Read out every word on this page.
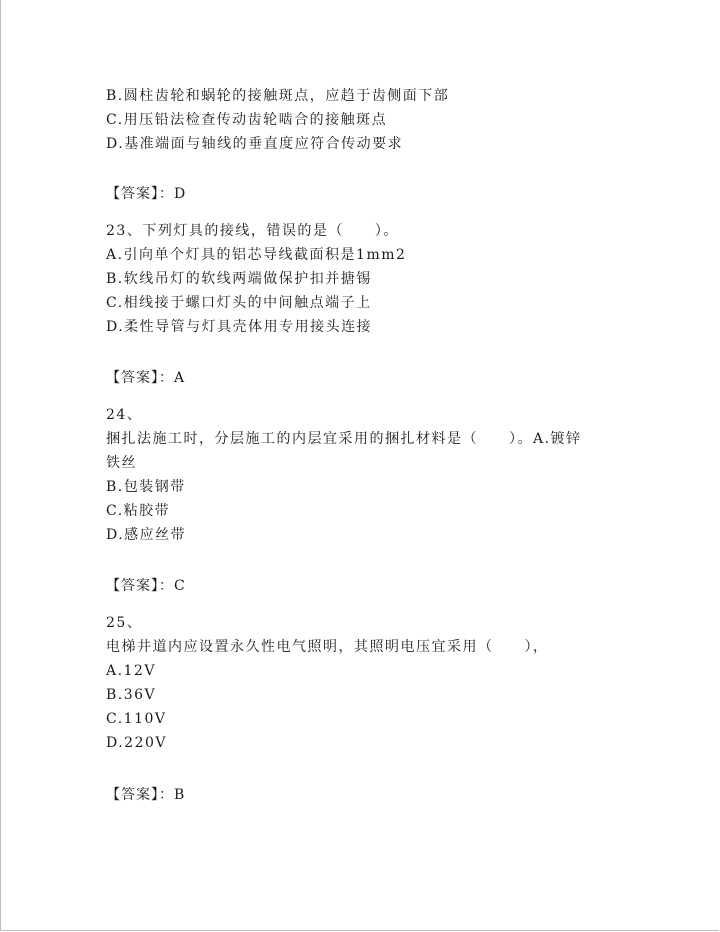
B.圆柱齿轮和蜗轮的接触斑点，应趋于齿侧面下部
C.用压铅法检查传动齿轮啮合的接触斑点
D.基准端面与轴线的垂直度应符合传动要求
【答案】：D
23、下列灯具的接线，错误的是（　　）。
A.引向单个灯具的铝芯导线截面积是1mm2
B.软线吊灯的软线两端做保护扣并搪锡
C.相线接于螺口灯头的中间触点端子上
D.柔性导管与灯具壳体用专用接头连接
【答案】：A
24、
捆扎法施工时，分层施工的内层宜采用的捆扎材料是（　　）。A.镀锌
铁丝
B.包装钢带
C.粘胶带
D.感应丝带
【答案】：C
25、
电梯井道内应设置永久性电气照明，其照明电压宜采用（　　），
A.12V
B.36V
C.110V
D.220V
【答案】：B
